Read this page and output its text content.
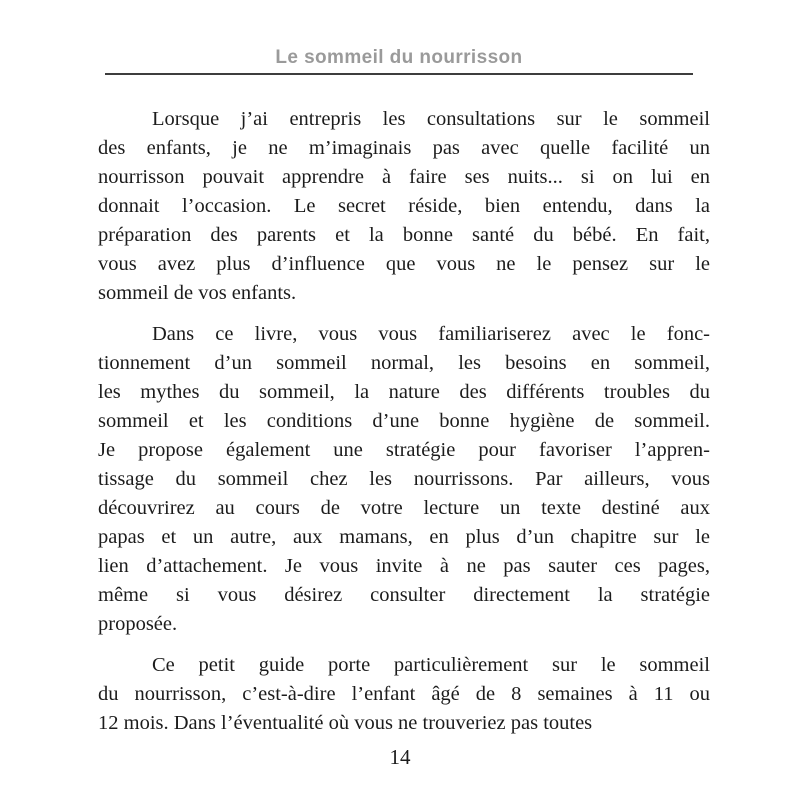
Le sommeil du nourrisson

Lorsque j’ai entrepris les consultations sur le sommeil
des enfants, je ne m’imaginais pas avec quelle facilité un
nourrisson pouvait apprendre à faire ses nuits... si on lui en
donnait l’occasion. Le secret réside, bien entendu, dans la
préparation des parents et la bonne santé du bébé. En fait,
vous avez plus d’influence que vous ne le pensez sur le
sommeil de vos enfants.

Dans ce livre, vous vous familiariserez avec le fonc-
tionnement d’un sommeil normal, les besoins en sommeil,
les mythes du sommeil, la nature des différents troubles du
sommeil et les conditions d’une bonne hygiène de sommeil.
Je propose également une stratégie pour favoriser l’appren-
tissage du sommeil chez les nourrissons. Par ailleurs, vous
découvrirez au cours de votre lecture un texte destiné aux
papas et un autre, aux mamans, en plus d’un chapitre sur le
lien d’attachement. Je vous invite à ne pas sauter ces pages,
même si vous désirez consulter directement la stratégie
proposée.

Ce petit guide porte particulièrement sur le sommeil
du nourrisson, c’est-à-dire l’enfant âgé de 8 semaines à 11 ou
12 mois. Dans l’éventualité où vous ne trouveriez pas toutes

14
